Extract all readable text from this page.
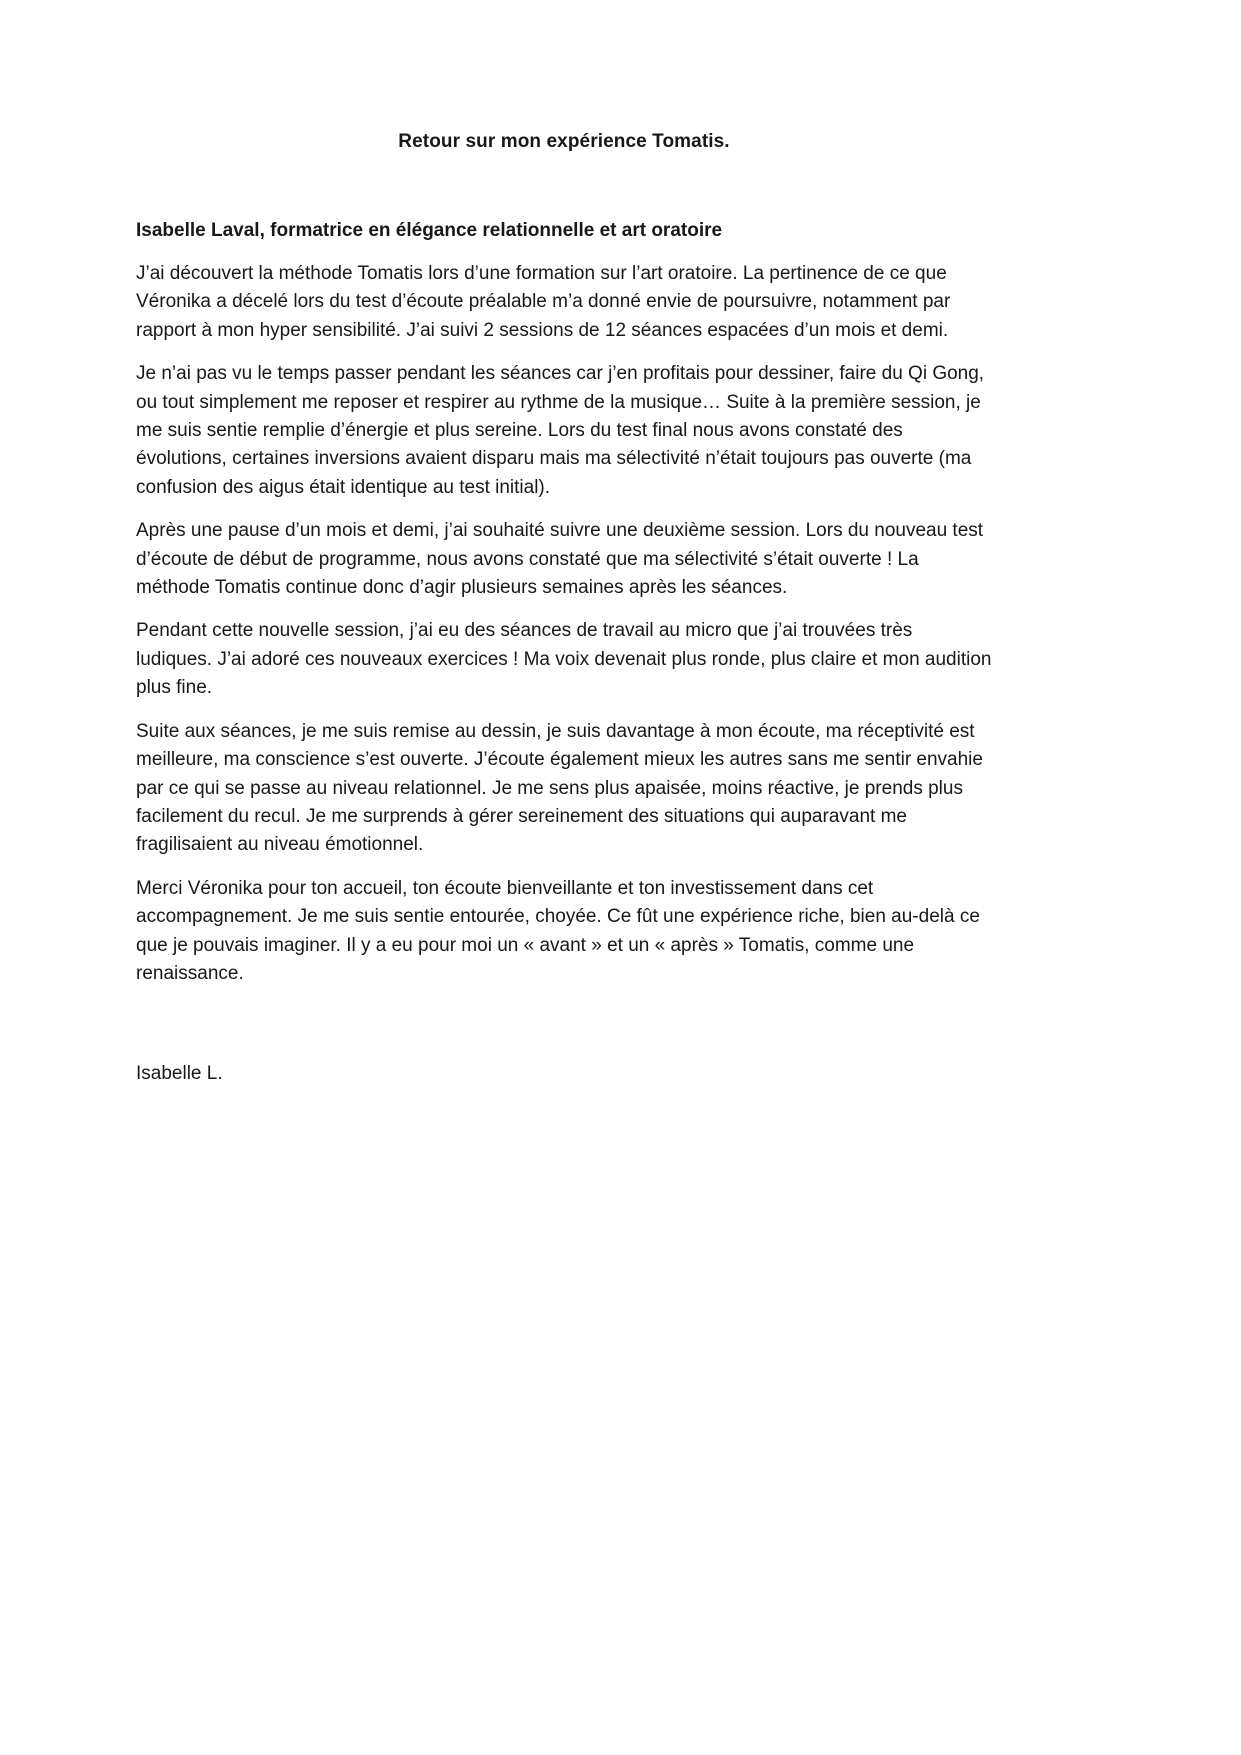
Retour sur mon expérience Tomatis.

Isabelle Laval, formatrice en élégance relationnelle et art oratoire

J’ai découvert la méthode Tomatis lors d’une formation sur l’art oratoire. La pertinence de ce que Véronika a décelé lors du test d’écoute préalable m’a donné envie de poursuivre, notamment par rapport à mon hyper sensibilité. J’ai suivi 2 sessions de 12 séances espacées d’un mois et demi.

Je n’ai pas vu le temps passer pendant les séances car j’en profitais pour dessiner, faire du Qi Gong, ou tout simplement me reposer et respirer au rythme de la musique… Suite à la première session, je me suis sentie remplie d’énergie et plus sereine. Lors du test final nous avons constaté des évolutions, certaines inversions avaient disparu mais ma sélectivité n’était toujours pas ouverte (ma confusion des aigus était identique au test initial).

Après une pause d’un mois et demi, j’ai souhaité suivre une deuxième session. Lors du nouveau test d’écoute de début de programme, nous avons constaté que ma sélectivité s’était ouverte ! La méthode Tomatis continue donc d’agir plusieurs semaines après les séances.

Pendant cette nouvelle session, j’ai eu des séances de travail au micro que j’ai trouvées très ludiques. J’ai adoré ces nouveaux exercices ! Ma voix devenait plus ronde, plus claire et mon audition plus fine.

Suite aux séances, je me suis remise au dessin, je suis davantage à mon écoute, ma réceptivité est meilleure, ma conscience s’est ouverte. J’écoute également mieux les autres sans me sentir envahie par ce qui se passe au niveau relationnel. Je me sens plus apaisée, moins réactive, je prends plus facilement du recul. Je me surprends à gérer sereinement des situations qui auparavant me fragilisaient au niveau émotionnel.

Merci Véronika pour ton accueil, ton écoute bienveillante et ton investissement dans cet accompagnement. Je me suis sentie entourée, choyée. Ce fût une expérience riche, bien au-delà ce que je pouvais imaginer. Il y a eu pour moi un « avant » et un « après » Tomatis, comme une renaissance.

Isabelle L.
